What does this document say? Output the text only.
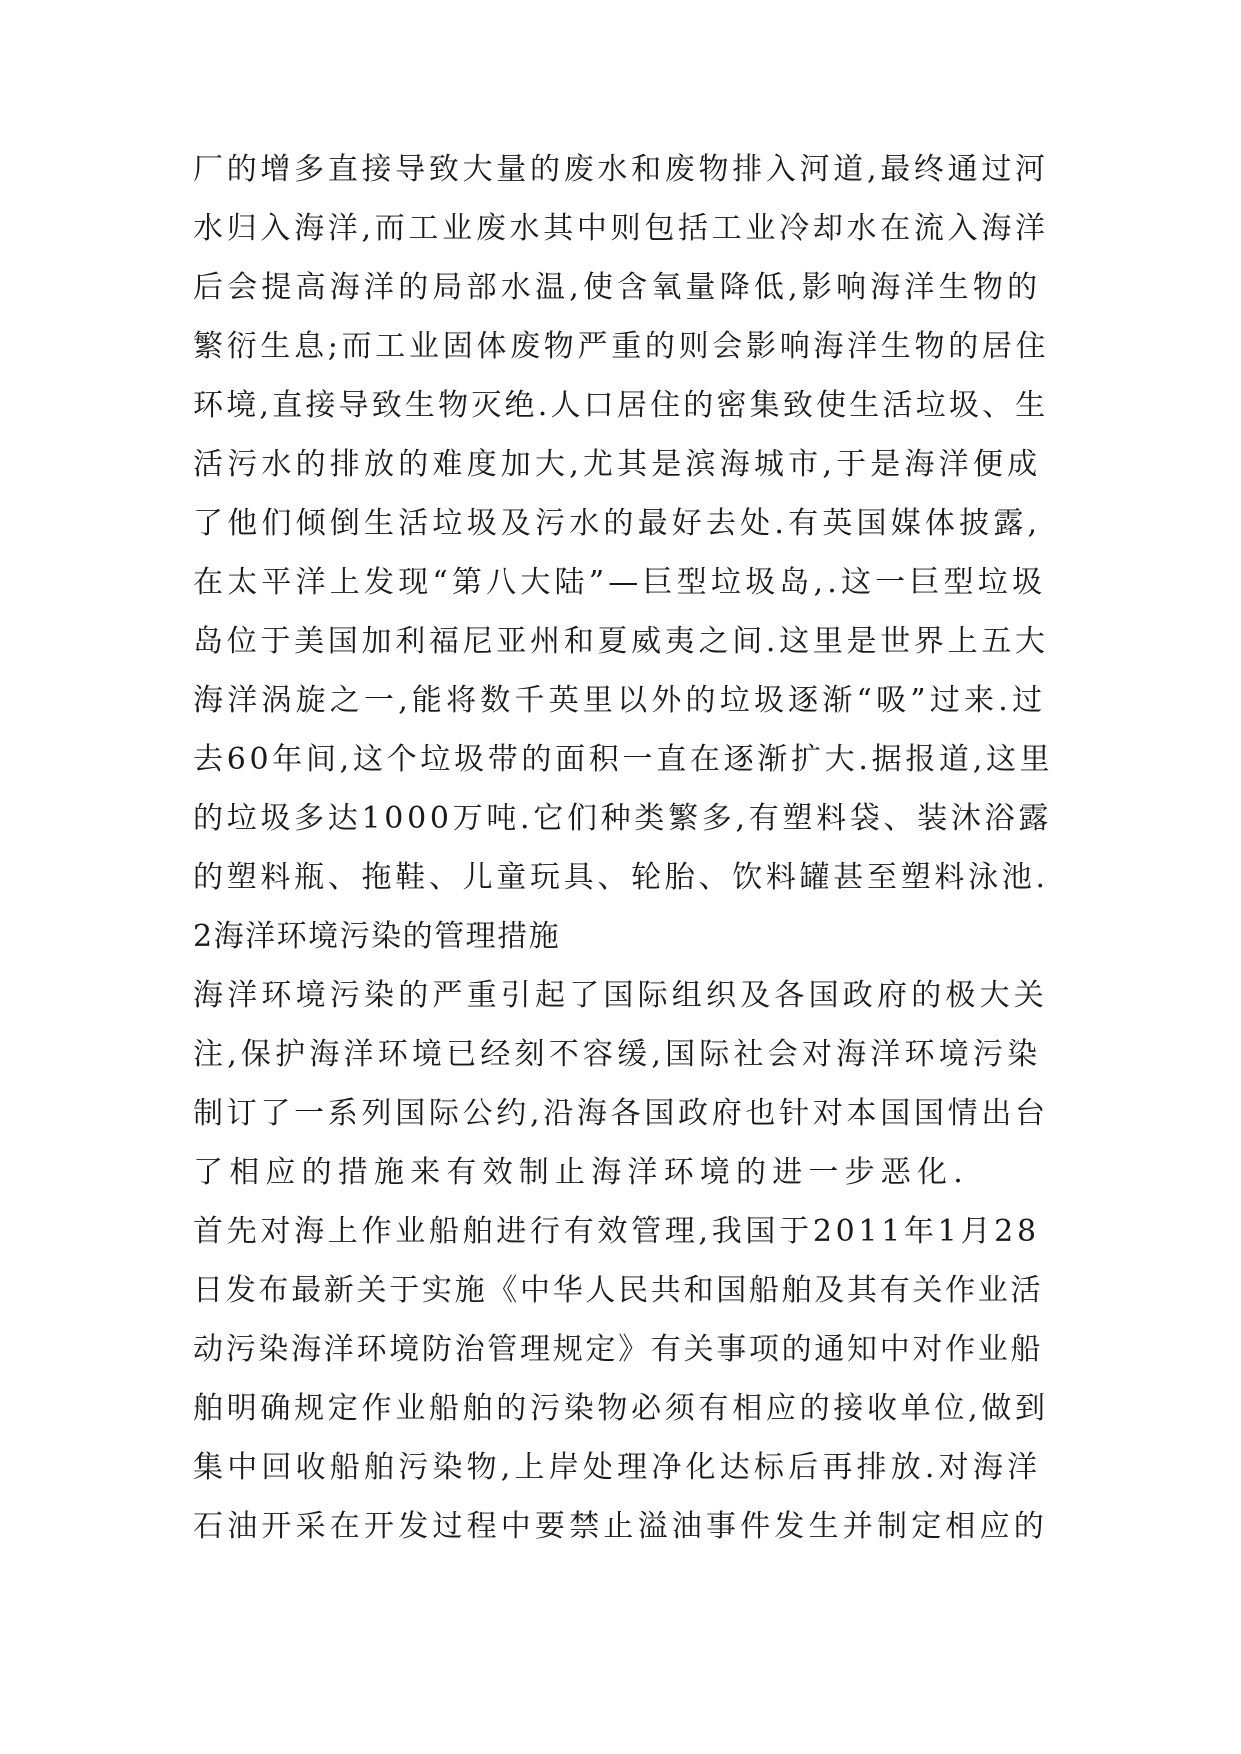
厂的增多直接导致大量的废水和废物排入河道,最终通过河
水归入海洋,而工业废水其中则包括工业冷却水在流入海洋
后会提高海洋的局部水温,使含氧量降低,影响海洋生物的
繁衍生息;而工业固体废物严重的则会影响海洋生物的居住
环境,直接导致生物灭绝.人口居住的密集致使生活垃圾、生
活污水的排放的难度加大,尤其是滨海城市,于是海洋便成
了他们倾倒生活垃圾及污水的最好去处.有英国媒体披露,
在太平洋上发现“第八大陆”—巨型垃圾岛,.这一巨型垃圾
岛位于美国加利福尼亚州和夏威夷之间.这里是世界上五大
海洋涡旋之一,能将数千英里以外的垃圾逐渐“吸”过来.过
去60年间,这个垃圾带的面积一直在逐渐扩大.据报道,这里
的垃圾多达1000万吨.它们种类繁多,有塑料袋、装沐浴露
的塑料瓶、拖鞋、儿童玩具、轮胎、饮料罐甚至塑料泳池.
2海洋环境污染的管理措施
海洋环境污染的严重引起了国际组织及各国政府的极大关
注,保护海洋环境已经刻不容缓,国际社会对海洋环境污染
制订了一系列国际公约,沿海各国政府也针对本国国情出台
了相应的措施来有效制止海洋环境的进一步恶化.
首先对海上作业船舶进行有效管理,我国于2011年1月28
日发布最新关于实施《中华人民共和国船舶及其有关作业活
动污染海洋环境防治管理规定》有关事项的通知中对作业船
舶明确规定作业船舶的污染物必须有相应的接收单位,做到
集中回收船舶污染物,上岸处理净化达标后再排放.对海洋
石油开采在开发过程中要禁止溢油事件发生并制定相应的
